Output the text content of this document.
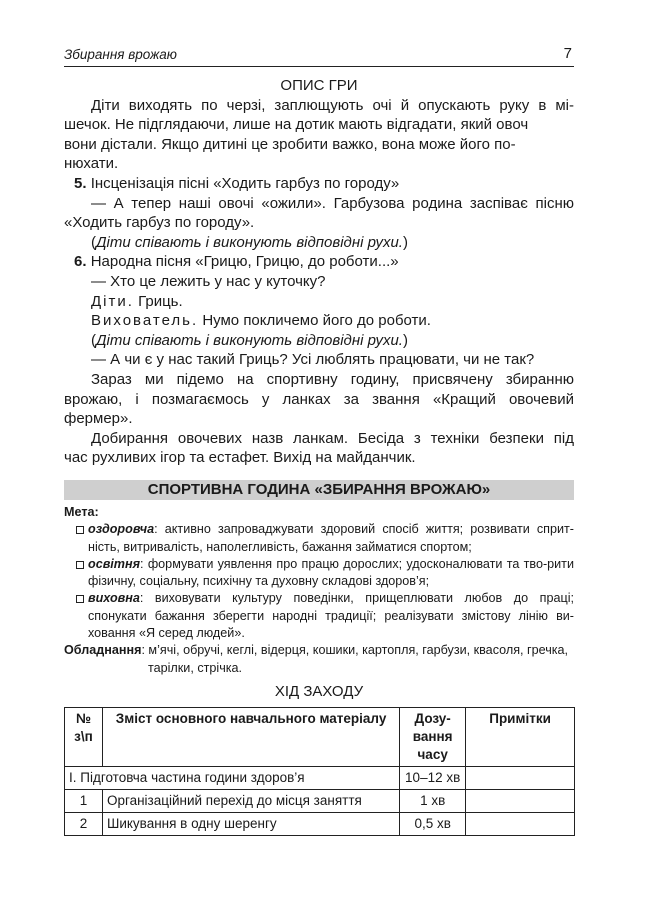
Збирання врожаю	7
ОПИС ГРИ
Діти виходять по черзі, заплющують очі й опускають руку в мі-
шечок. Не підглядаючи, лише на дотик мають відгадати, який овоч
вони дістали. Якщо дитині це зробити важко, вона може його по-
нюхати.
5. Інсценізація пісні «Ходить гарбуз по городу»
— А тепер наші овочі «ожили». Гарбузова родина заспіває пісню
«Ходить гарбуз по городу».
(Діти співають і виконують відповідні рухи.)
6. Народна пісня «Грицю, Грицю, до роботи...»
— Хто це лежить у нас у куточку?
Діти. Гриць.
Вихователь. Нумо покличемо його до роботи.
(Діти співають і виконують відповідні рухи.)
— А чи є у нас такий Гриць? Усі люблять працювати, чи не так?
Зараз ми підемо на спортивну годину, присвячену збиранню
врожаю, і позмагаємось у ланках за звання «Кращий овочевий
фермер».
Добирання овочевих назв ланкам. Бесіда з техніки безпеки під
час рухливих ігор та естафет. Вихід на майданчик.
СПОРТИВНА ГОДИНА «ЗБИРАННЯ ВРОЖАЮ»
Мета:
оздоровча: активно запроваджувати здоровий спосіб життя; розвивати сприт-ність, витривалість, наполегливість, бажання займатися спортом;
освітня: формувати уявлення про працю дорослих; удосконалювати та тво-рити фізичну, соціальну, психічну та духовну складові здоров’я;
виховна: виховувати культуру поведінки, прищеплювати любов до праці; спонукати бажання зберегти народні традиції; реалізувати змістову лінію ви-ховання «Я серед людей».
Обладнання: м’ячі, обручі, кеглі, відерця, кошики, картопля, гарбузи, квасоля, гречка, тарілки, стрічка.
ХІД ЗАХОДУ
№ з\п	Зміст основного навчального матеріалу	Дозу-вання часу	Примітки
I. Підготовча частина години здоров’я		10–12 хв	
1	Організаційний перехід до місця заняття	1 хв	
2	Шикування в одну шеренгу	0,5 хв	
